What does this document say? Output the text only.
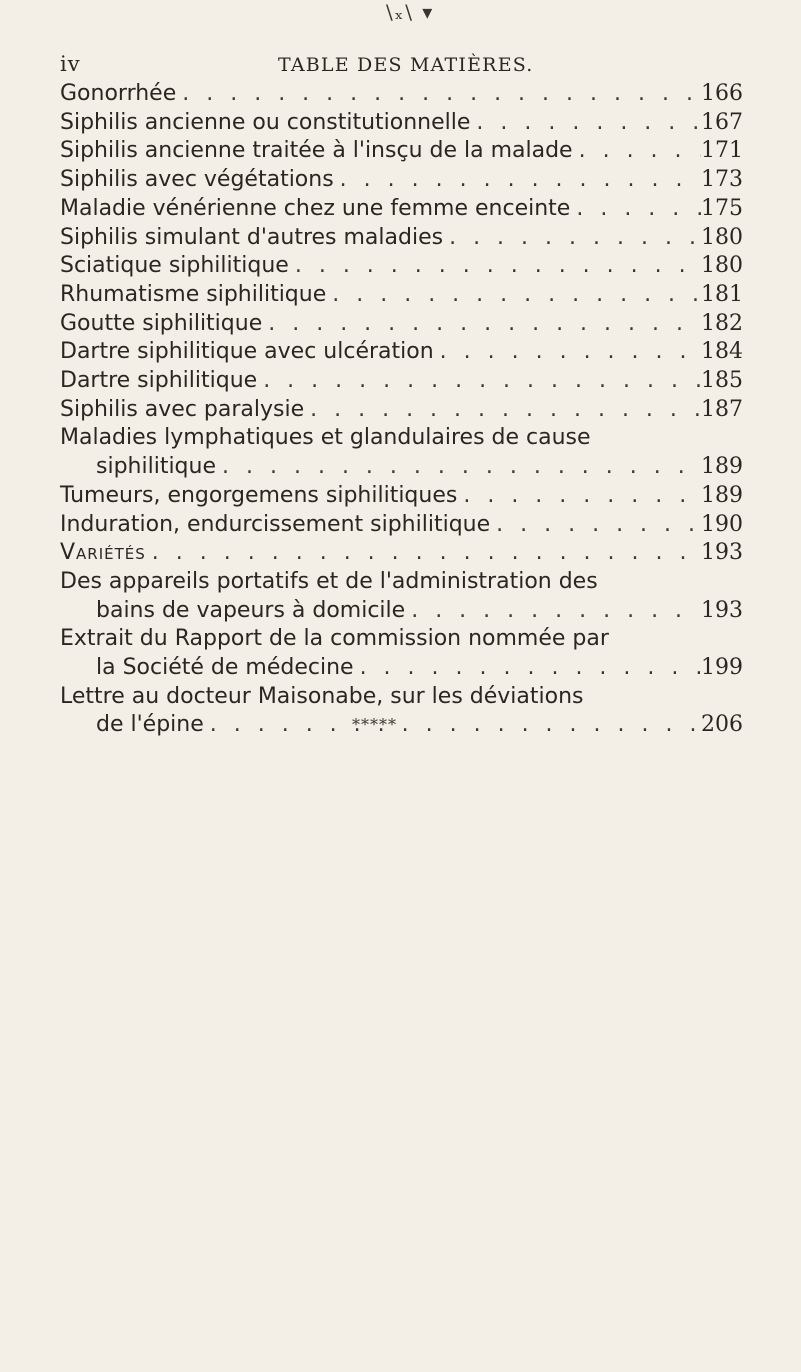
\ₓ\ ▾
iv	TABLE DES MATIÈRES.
Gonorrhée . . .	166
Siphilis ancienne ou constitutionnelle . . .	167
Siphilis ancienne traitée à l'insçu de la malade . . .	171
Siphilis avec végétations . . .	173
Maladie vénérienne chez une femme enceinte . . .	175
Siphilis simulant d'autres maladies . . .	180
Sciatique siphilitique . . .	180
Rhumatisme siphilitique . . .	181
Goutte siphilitique . . .	182
Dartre siphilitique avec ulcération . . .	184
Dartre siphilitique . . .	185
Siphilis avec paralysie . . .	187
Maladies lymphatiques et glandulaires de cause
siphilitique . . .	189
Tumeurs, engorgemens siphilitiques . . .	189
Induration, endurcissement siphilitique . . .	190
Variétés . . .	193
Des appareils portatifs et de l'administration des
bains de vapeurs à domicile . . .	193
Extrait du Rapport de la commission nommée par
la Société de médecine . . .	199
Lettre au docteur Maisonabe, sur les déviations
de l'épine . . .	206
*****
